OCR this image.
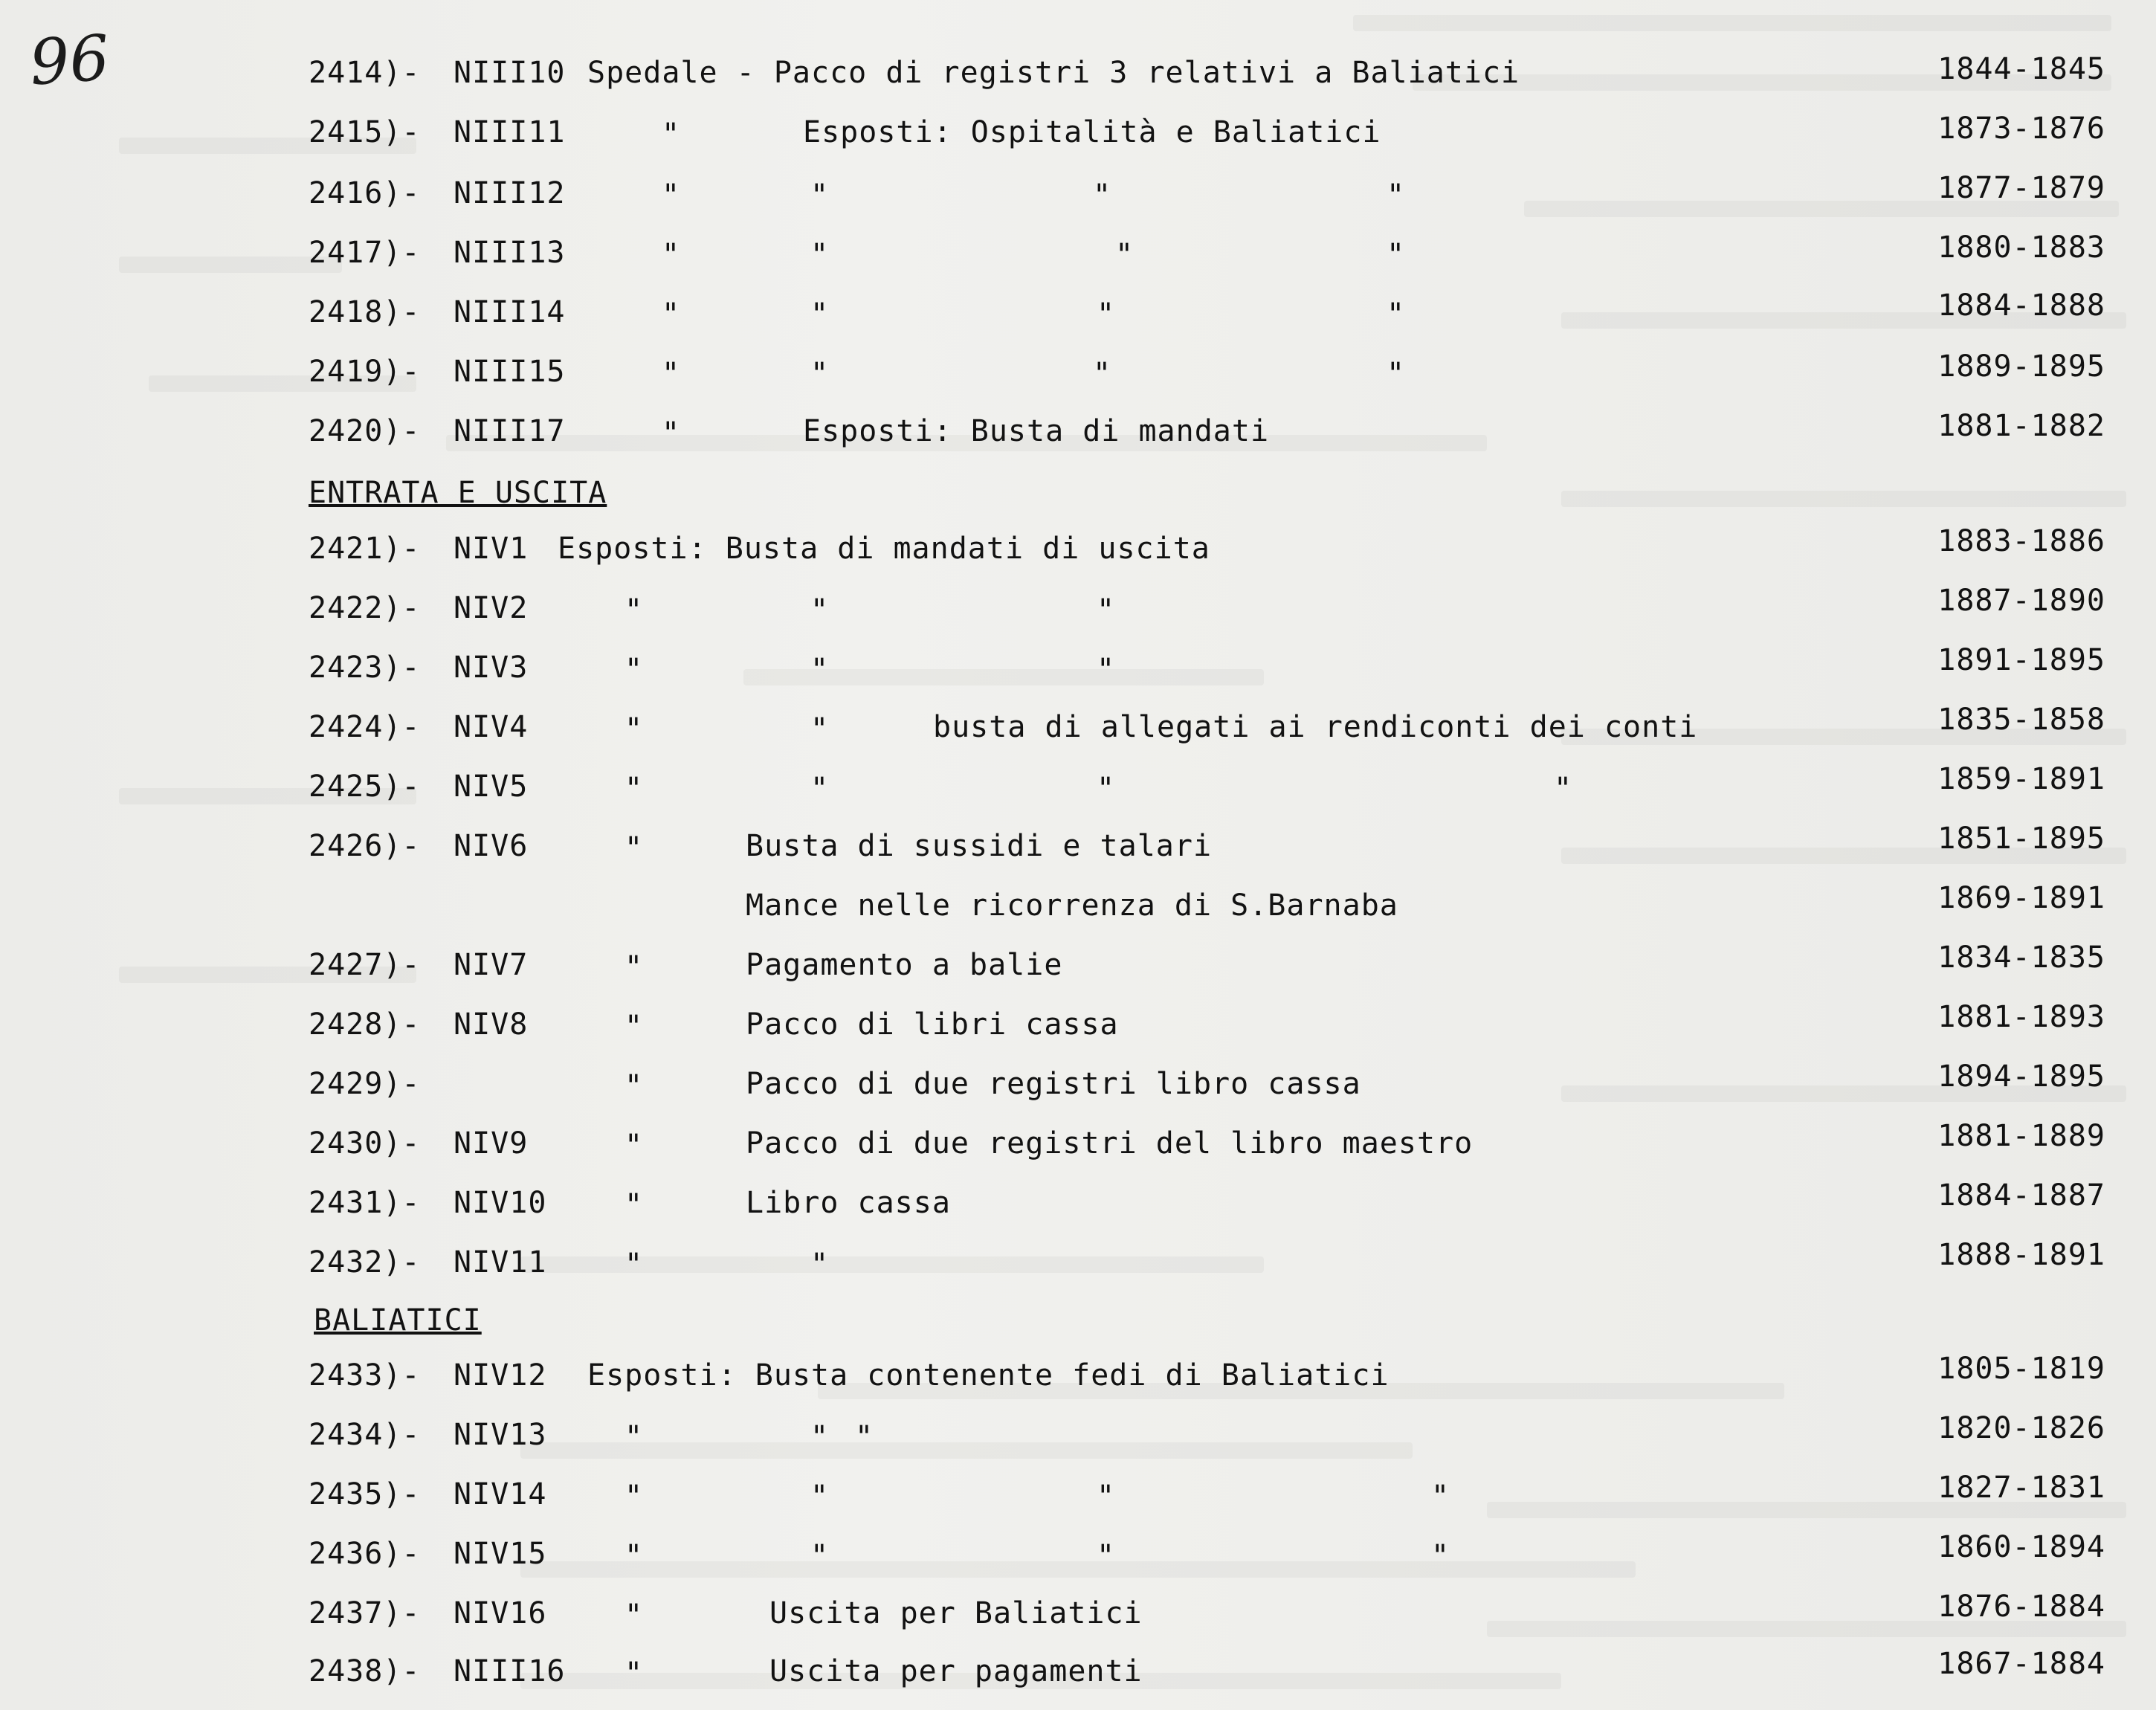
96	2414)- NIII10 Spedale - Pacco di registri 3 relativi a Baliatici	1844-1845
2415)- NIII11	"	Esposti: Ospitalità e Baliatici	1873-1876
2416)- NIII12	"	"	"	"	1877-1879
2417)- NIII13	"	"	"	"	1880-1883
2418)- NIII14	"	"	"	"	1884-1888
2419)- NIII15	"	"	"	"	1889-1895
2420)- NIII17	"	Esposti: Busta di mandati	1881-1882
ENTRATA E USCITA
2421)- NIV1 Esposti: Busta di mandati di uscita	1883-1886
2422)- NIV2	"	"	"	1887-1890
2423)- NIV3	"	"	"	1891-1895
2424)- NIV4	"	"	busta di allegati ai rendiconti dei conti	1835-1858
2425)- NIV5	"	"	"	"	1859-1891
2426)- NIV6	"	Busta di sussidi e talari	1851-1895
Mance nelle ricorrenza di S.Barnaba	1869-1891
2427)- NIV7	"	Pagamento a balie	1834-1835
2428)- NIV8	"	Pacco di libri cassa	1881-1893
2429)-	"	Pacco di due registri libro cassa	1894-1895
2430)- NIV9	"	Pacco di due registri del libro maestro	1881-1889
2431)- NIV10	"	Libro cassa	1884-1887
2432)- NIV11	"	"	1888-1891
BALIATICI
2433)- NIV12 Esposti: Busta contenente fedi di Baliatici	1805-1819
2434)- NIV13	"	" "	1820-1826
2435)- NIV14	"	"	"	"	1827-1831
2436)- NIV15	"	"	"	"	1860-1894
2437)- NIV16	"	Uscita per Baliatici	1876-1884
2438)- NIII16 "	Uscita per pagamenti	1867-1884
